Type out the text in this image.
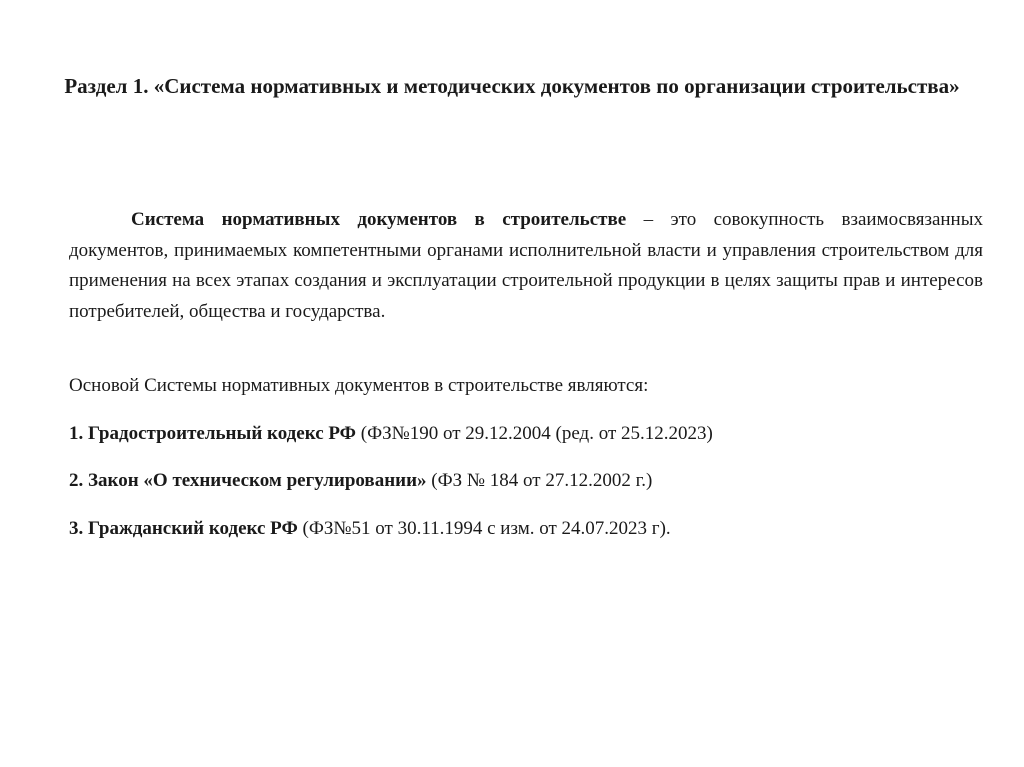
Раздел 1. «Система нормативных и методических документов по организации строительства»

Система нормативных документов в строительстве – это совокупность взаимосвязанных документов, принимаемых компетентными органами исполнительной власти и управления строительством для применения на всех этапах создания и эксплуатации строительной продукции в целях защиты прав и интересов потребителей, общества и государства.

Основой Системы нормативных документов в строительстве являются:

1. Градостроительный кодекс РФ (ФЗ№190 от 29.12.2004 (ред. от 25.12.2023)

2. Закон «О техническом регулировании» (ФЗ № 184 от 27.12.2002 г.)

3. Гражданский кодекс РФ (ФЗ№51 от 30.11.1994 с изм. от 24.07.2023 г).
